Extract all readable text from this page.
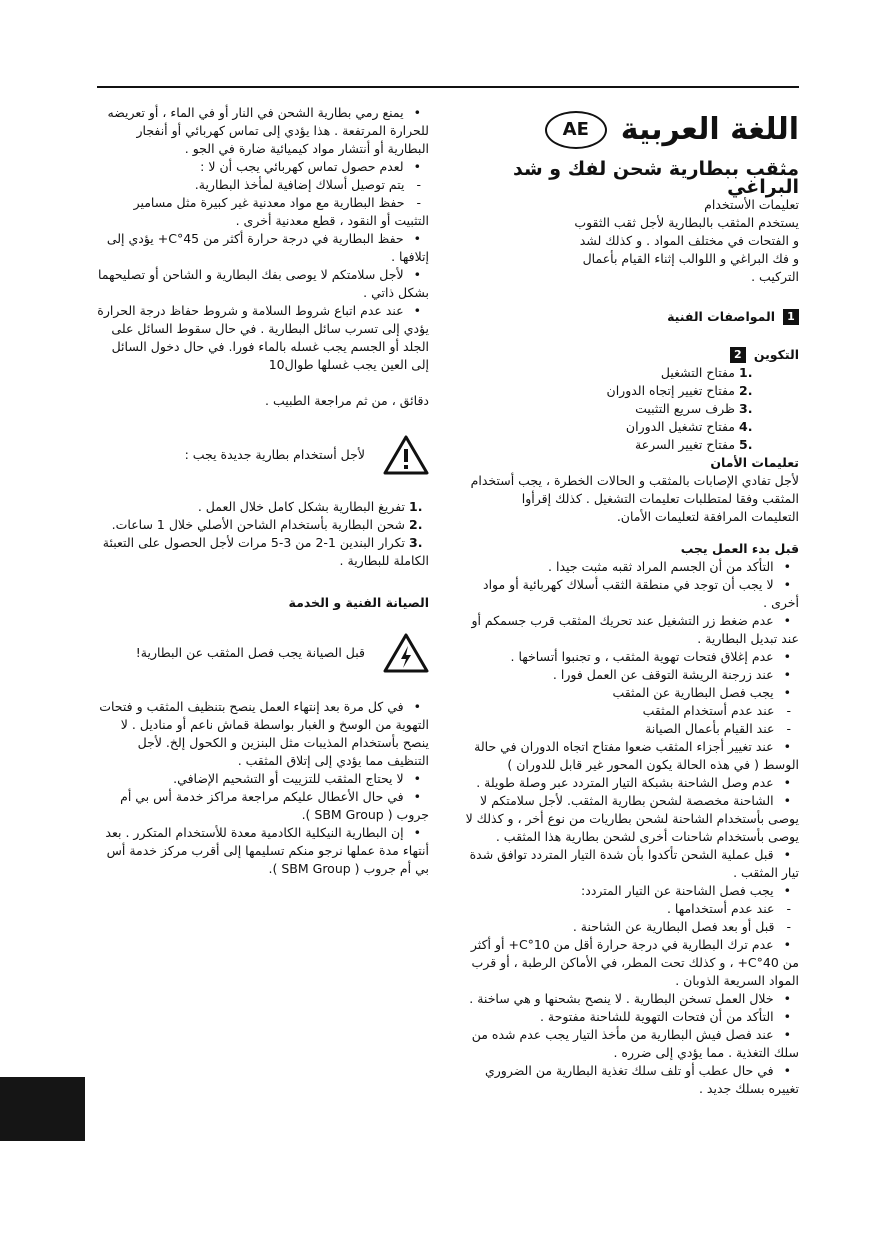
اللغة العربية
AE
مثقب ببطارية شحن لفك و شد البراغي

تعليمات الأستخدام

يستخدم المثقب بالبطارية لأجل ثقب الثقوب

و الفتحات في مختلف المواد . و كذلك لشد

و فك البراغي و اللوالب إثناء القيام بأعمال

التركيب .

1
المواصفات الفنية
التكوين
2
1. مفتاح التشغيل
2. مفتاح تغيير إتجاه الدوران
3. ظرف سريع التثبيت
4. مفتاح تشغيل الدوران
5. مفتاح تغيير السرعة

تعليمات الأمان

لأجل تفادي الإصابات بالمثقب و الحالات الخطرة ، يجب أستخدام

المثقب وفقا لمتطلبات تعليمات التشغيل . كذلك إقرأوا

التعليمات المرافقة لتعليمات الأمان.

قبل بدء العمل يجب

• التأكد من أن الجسم المراد ثقبه مثبت جيدا .
• لا يجب أن توجد في منطقة الثقب أسلاك كهربائية أو مواد أخرى .
• عدم ضغط زر التشغيل عند تحريك المثقب قرب جسمكم أو عند تبديل البطارية .
• عدم إغلاق فتحات تهوية المثقب ، و تجنبوا أتساخها .
• عند زرجنة الريشة التوقف عن العمل فورا .
• يجب فصل البطارية عن المثقب
- عند عدم أستخدام المثقب
- عند القيام بأعمال الصيانة
• عند تغيير أجزاء المثقب ضعوا مفتاح اتجاه الدوران في حالة الوسط ( في هذه الحالة يكون المحور غير قابل للدوران )
• عدم وصل الشاحنة بشبكة التيار المتردد عبر وصلة طويلة .
• الشاحنة مخصصة لشحن بطارية المثقب. لأجل سلامتكم لا يوصى بأستخدام الشاحنة لشحن بطاريات من نوع أخر ، و كذلك لا يوصى بأستخدام شاحنات أخرى لشحن بطارية هذا المثقب .
• قبل عملية الشحن تأكدوا بأن شدة التيار المتردد توافق شدة تيار المثقب .
• يجب فصل الشاحنة عن التيار المتردد:
- عند عدم أستخدامها .
- قبل أو بعد فصل البطارية عن الشاحنة .
• عدم ترك البطارية في درجة حرارة أقل من 10°C+ أو أكثر من 40°C+ ، و كذلك تحت المطر، في الأماكن الرطبة ، أو قرب المواد السريعة الذوبان .
• خلال العمل تسخن البطارية . لا ينصح بشحنها و هي ساخنة .
• التأكد من أن فتحات التهوية للشاحنة مفتوحة .
• عند فصل فيش البطارية من مأخذ التيار يجب عدم شده من سلك التغذية . مما يؤدي إلى ضرره .
• في حال عطب أو تلف سلك تغذية البطارية من الضروري تغييره بسلك جديد .
• يمنع رمي بطارية الشحن في النار أو في الماء ، أو تعريضه للحرارة المرتفعة . هذا يؤدي إلى تماس كهربائي أو أنفجار البطارية أو أنتشار مواد كيميائية ضارة في الجو .
• لعدم حصول تماس كهربائي يجب أن لا :
- يتم توصيل أسلاك إضافية لمأخذ البطارية.
- حفظ البطارية مع مواد معدنية غير كبيرة مثل مسامير التثبيت أو النقود ، قطع معدنية أخرى .
• حفظ البطارية في درجة حرارة أكثر من 45°C+ يؤدي إلى إتلافها .
• لأجل سلامتكم لا يوصى بفك البطارية و الشاحن أو تصليحهما بشكل ذاتي .
• عند عدم اتباع شروط السلامة و شروط حفاظ درجة الحرارة يؤدي إلى تسرب سائل البطارية . في حال سقوط السائل على الجلد أو الجسم يجب غسله بالماء فورا. في حال دخول السائل إلى العين يجب غسلها طوال10

دقائق ، من ثم مراجعة الطبيب .

لأجل أستخدام بطارية جديدة يجب :
1. تفريغ البطارية بشكل كامل خلال العمل .
2. شحن البطارية بأستخدام الشاحن الأصلي خلال 1 ساعات.
3. تكرار البندين 1-2 من 3-5 مرات لأجل الحصول على التعبئة الكاملة للبطارية .

الصيانة الفنية و الخدمة

قبل الصيانة يجب فصل المثقب عن البطارية!
• في كل مرة بعد إنتهاء العمل ينصح بتنظيف المثقب و فتحات التهوية من الوسخ و الغبار بواسطة قماش ناعم أو مناديل . لا ينصح بأستخدام المذيبات مثل البنزين و الكحول إلخ. لأجل التنظيف مما يؤدي إلى إتلاق المثقب .
• لا يحتاج المثقب للتزييت أو التشحيم الإضافي.
• في حال الأعطال عليكم مراجعة مراكز خدمة أس بي أم جروب ( SBM Group ).
• إن البطارية النيكلية الكادمية معدة للأستخدام المتكرر . بعد أنتهاء مدة عملها نرجو منكم تسليمها إلى أقرب مركز خدمة أس بي أم جروب ( SBM Group ).
